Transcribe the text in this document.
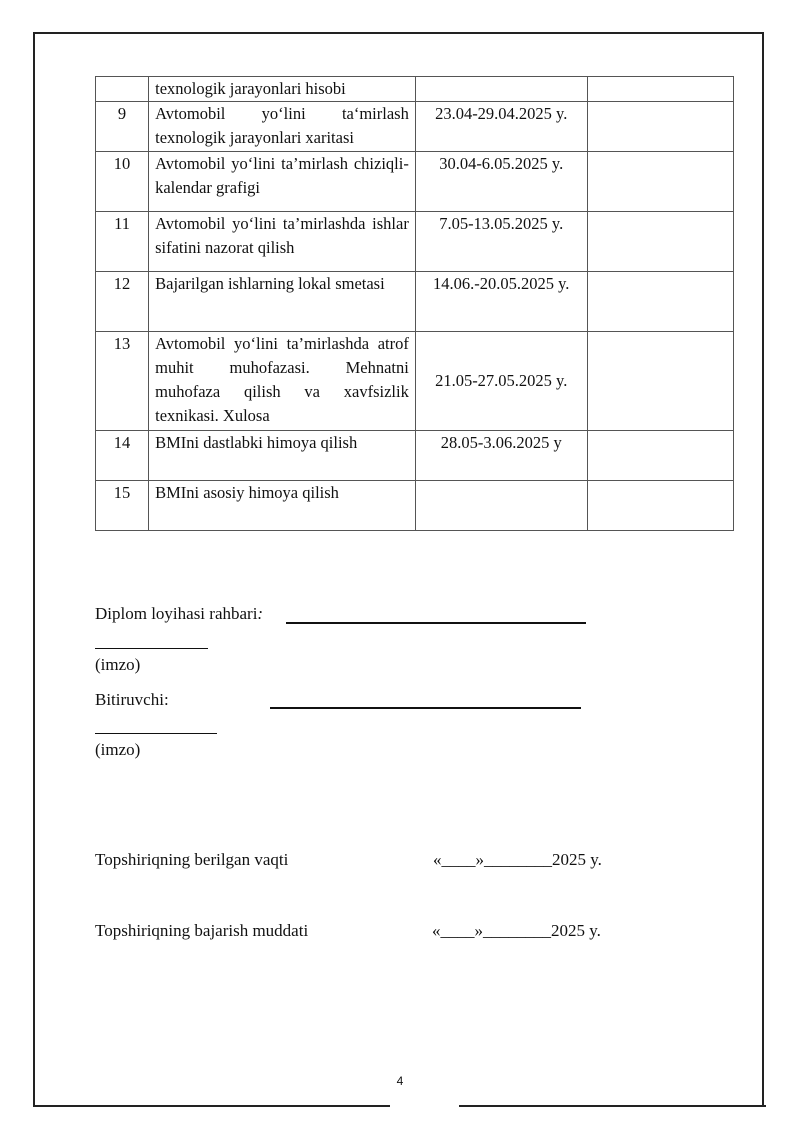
	texnologik jarayonlari hisobi		
9	Avtomobil yo‘lini ta‘mirlash texnologik jarayonlari xaritasi	23.04-29.04.2025 y.	
10	Avtomobil yo‘lini ta’mirlash chiziqli-kalendar grafigi	30.04-6.05.2025 y.	
11	Avtomobil yo‘lini ta’mirlashda ishlar sifatini nazorat qilish	7.05-13.05.2025 y.	
12	Bajarilgan ishlarning lokal smetasi	14.06.-20.05.2025 y.	
13	Avtomobil yo‘lini ta’mirlashda atrof muhit muhofazasi. Mehnatni muhofaza qilish va xavfsizlik texnikasi. Xulosa	21.05-27.05.2025 y.	
14	BMIni dastlabki himoya qilish	28.05-3.06.2025 y	
15	BMIni asosiy himoya qilish		
Diplom loyihasi rahbari:
(imzo)
Bitiruvchi:
(imzo)
Topshiriqning berilgan vaqti	«____»________2025 y.
Topshiriqning bajarish muddati	«____»________2025 y.
4
